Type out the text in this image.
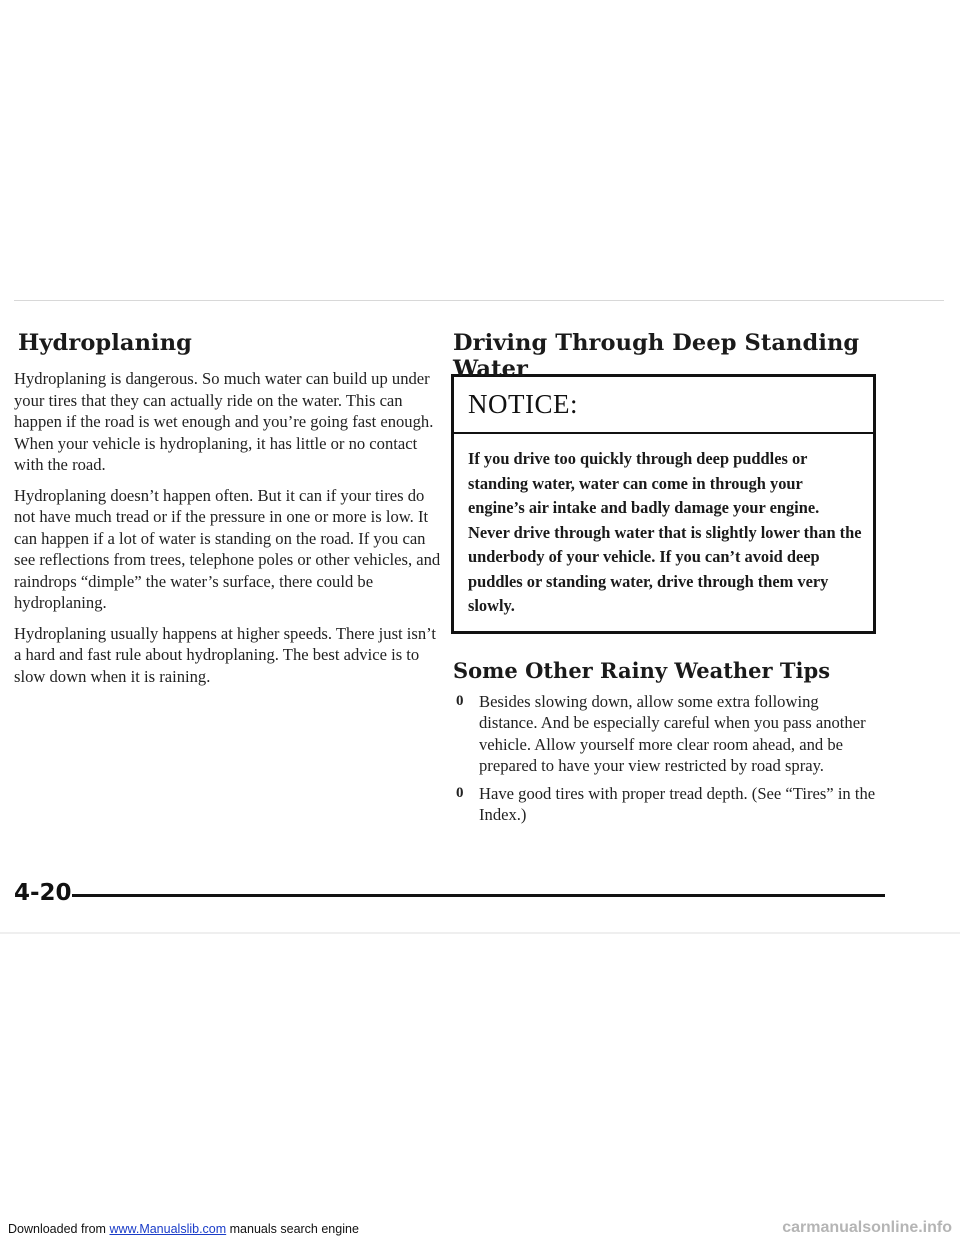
Hydroplaning

Hydroplaning is dangerous. So much water can build up under your tires that they can actually ride on the water. This can happen if the road is wet enough and you’re going fast enough. When your vehicle is hydroplaning, it has little or no contact with the road.

Hydroplaning doesn’t happen often. But it can if your tires do not have much tread or if the pressure in one or more is low. It can happen if a lot of water is standing on the road. If you can see reflections from trees, telephone poles or other vehicles, and raindrops “dimple” the water’s surface, there could be hydroplaning.

Hydroplaning usually happens at higher speeds. There just isn’t a hard and fast rule about hydroplaning. The best advice is to slow down when it is raining.

Driving Through Deep Standing Water
NOTICE:
If you drive too quickly through deep puddles or standing water, water can come in through your engine’s air intake and badly damage your engine. Never drive through water that is slightly lower than the underbody of your vehicle. If you can’t avoid deep puddles or standing water, drive through them very slowly.
Some Other Rainy Weather Tips
0 Besides slowing down, allow some extra following distance. And be especially careful when you pass another vehicle. Allow yourself more clear room ahead, and be prepared to have your view restricted by road spray.
0 Have good tires with proper tread depth. (See “Tires” in the Index.)
4-20
Downloaded from www.Manualslib.com manuals search engine	carmanualsonline.info
